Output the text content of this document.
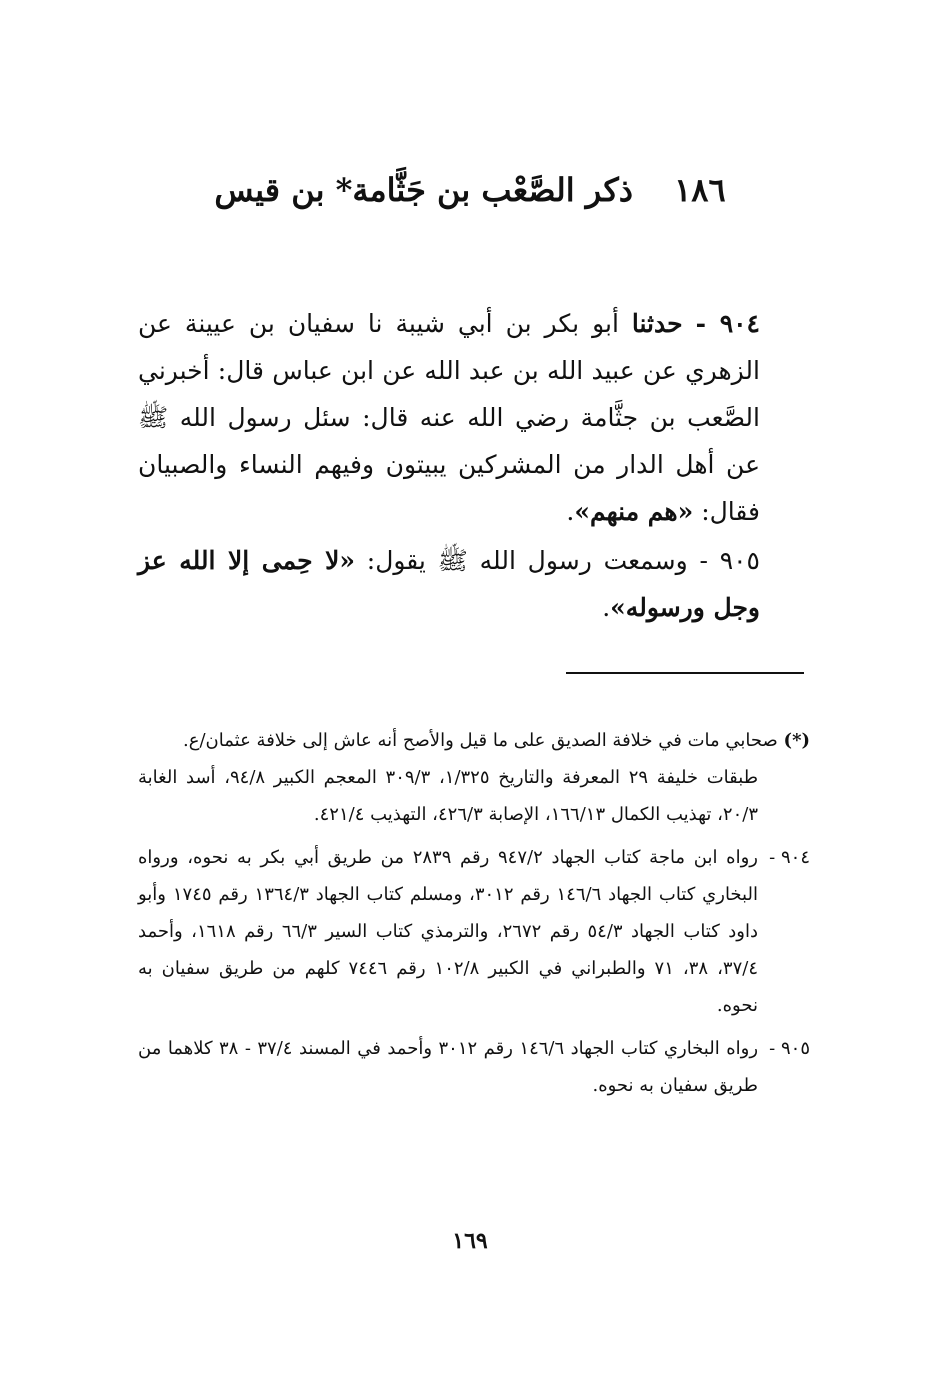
١٨٦ ذكر الصَّعْب بن جَثَّامة* بن قيس

٩٠٤ - حدثنا أبو بكر بن أبي شيبة نا سفيان بن عيينة عن الزهري عن عبيد الله بن عبد الله عن ابن عباس قال: أخبرني الصَّعب بن جثَّامة رضي الله عنه قال: سئل رسول الله ﷺ عن أهل الدار من المشركين يبيتون وفيهم النساء والصبيان فقال: «هم منهم».

٩٠٥ - وسمعت رسول الله ﷺ يقول: «لا حِمى إلا الله عز وجل ورسوله».

(*) صحابي مات في خلافة الصديق على ما قيل والأصح أنه عاش إلى خلافة عثمان/ع.
طبقات خليفة ٢٩ المعرفة والتاريخ ١/٣٢٥، ٣٠٩/٣ المعجم الكبير ٩٤/٨، أسد الغابة ٢٠/٣، تهذيب الكمال ١٦٦/١٣، الإصابة ٤٢٦/٣، التهذيب ٤٢١/٤.
٩٠٤ -
رواه ابن ماجة كتاب الجهاد ٩٤٧/٢ رقم ٢٨٣٩ من طريق أبي بكر به نحوه، ورواه البخاري كتاب الجهاد ١٤٦/٦ رقم ٣٠١٢، ومسلم كتاب الجهاد ١٣٦٤/٣ رقم ١٧٤٥ وأبو داود كتاب الجهاد ٥٤/٣ رقم ٢٦٧٢، والترمذي كتاب السير ٦٦/٣ رقم ١٦١٨، وأحمد ٣٧/٤، ٣٨، ٧١ والطبراني في الكبير ١٠٢/٨ رقم ٧٤٤٦ كلهم من طريق سفيان به نحوه.
٩٠٥ -
رواه البخاري كتاب الجهاد ١٤٦/٦ رقم ٣٠١٢ وأحمد في المسند ٣٧/٤ - ٣٨ كلاهما من طريق سفيان به نحوه.
١٦٩
